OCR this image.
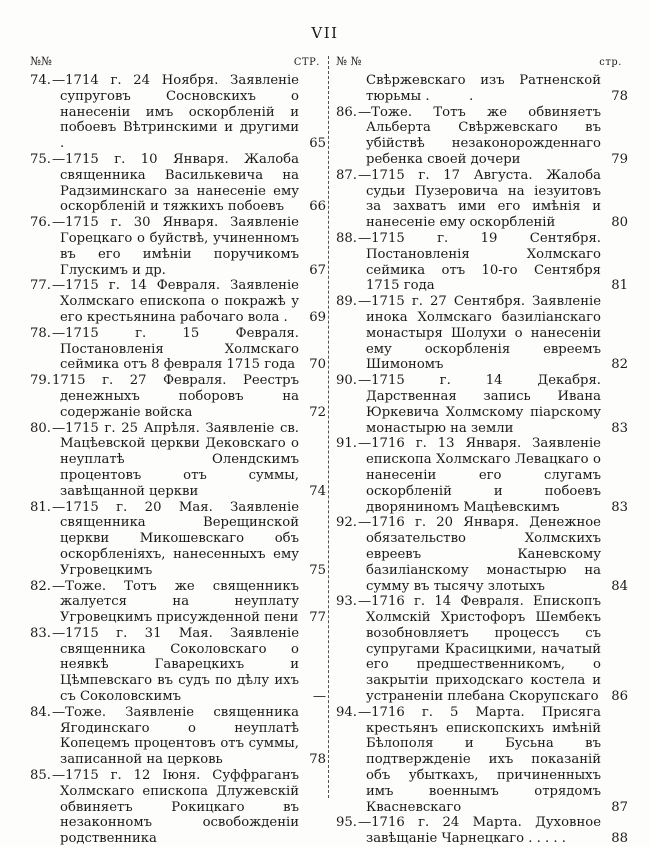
VII
№№	СТР.
74.—1714 г. 24 Ноября. Заявленіе супруговъ Сосновскихъ о нанесеніи имъ оскорбленій и побоевъ Вѣтринскими и другими .	65
75.—1715 г. 10 Января. Жалоба священника Василькевича на Радзиминскаго за нанесеніе ему оскорбленій и тяжкихъ побоевъ 66
76.—1715 г. 30 Января. Заявленіе Горецкаго о буйствѣ, учиненномъ въ его имѣніи поручикомъ Глускимъ и др.	67
77.—1715 г. 14 Февраля. Заявленіе Холмскаго епископа о покражѣ у его крестьянина рабочаго вола . 69
78.—1715 г. 15 Февраля. Постановленія Холмскаго сеймика отъ 8 февраля 1715 года 70
79.1715 г. 27 Февраля. Реестръ денежныхъ поборовъ на содержаніе войска	72
80.—1715 г. 25 Апрѣля. Заявленіе св. Мацѣевской церкви Дековскаго о неуплатѣ Олендскимъ процентовъ отъ суммы, завѣщанной церкви	74
81.—1715 г. 20 Мая. Заявленіе священника Верещинской церкви Микошевскаго объ оскорбленіяхъ, нанесенныхъ ему Угровецкимъ	75
82.—Тоже. Тотъ же священникъ жалуется на неуплату Угровецкимъ присужденной пени 77
83.—1715 г. 31 Мая. Заявленіе священника Соколовскаго о неявкѣ Гаварецкихъ и Цѣмпевскаго въ судъ по дѣлу ихъ съ Соколовскимъ	—
84.—Тоже. Заявленіе священника Ягодинскаго о неуплатѣ Копецемъ процентовъ отъ суммы, записанной на церковь	78
85.—1715 г. 12 Іюня. Суффраганъ Холмскаго епископа Длужевскій обвиняетъ Рокицкаго въ незаконномъ освобожденіи родственника
№ №	стр.
Свѣржевскаго изъ Ратненской тюрьмы .   .	78
86.—Тоже. Тотъ же обвиняетъ Альберта Свѣржевскаго въ убійствѣ незаконорожденнаго ребенка своей дочери	79
87.—1715 г. 17 Августа. Жалоба судьи Пузеровича на іезуитовъ за захватъ ими его имѣнія и нанесеніе ему оскорбленій	80
88.—1715 г. 19 Сентября. Постановленія Холмскаго сеймика отъ 10-го Сентября 1715 года	81
89.—1715 г. 27 Сентября. Заявленіе инока Холмскаго базиліанскаго монастыря Шолухи о нанесеніи ему оскорбленія евреемъ Шимономъ	82
90.—1715 г. 14 Декабря. Дарственная запись Ивана Юркевича Холмскому піарскому монастырю на земли	83
91.—1716 г. 13 Января. Заявленіе епископа Холмскаго Левацкаго о нанесеніи его слугамъ оскорбленій и побоевъ дворяниномъ Мацѣевскимъ	83
92.—1716 г. 20 Января. Денежное обязательство Холмскихъ евреевъ Каневскому базиліанскому монастырю на сумму въ тысячу злотыхъ	84
93.—1716 г. 14 Февраля. Епископъ Холмскій Христофоръ Шембекъ возобновляетъ процессъ съ супругами Красицкими, начатый его предшественникомъ, о закрытіи приходскаго костела и устраненіи плебана Скорупскаго 86
94.—1716 г. 5 Марта. Присяга крестьянъ епископскихъ имѣній Бѣлополя и Бусьна въ подтвержденіе ихъ показаній объ убыткахъ, причиненныхъ имъ военнымъ отрядомъ Квасневскаго	87
95.—1716 г. 24 Марта. Духовное завѣщаніе Чарнецкаго . . . . .	88
